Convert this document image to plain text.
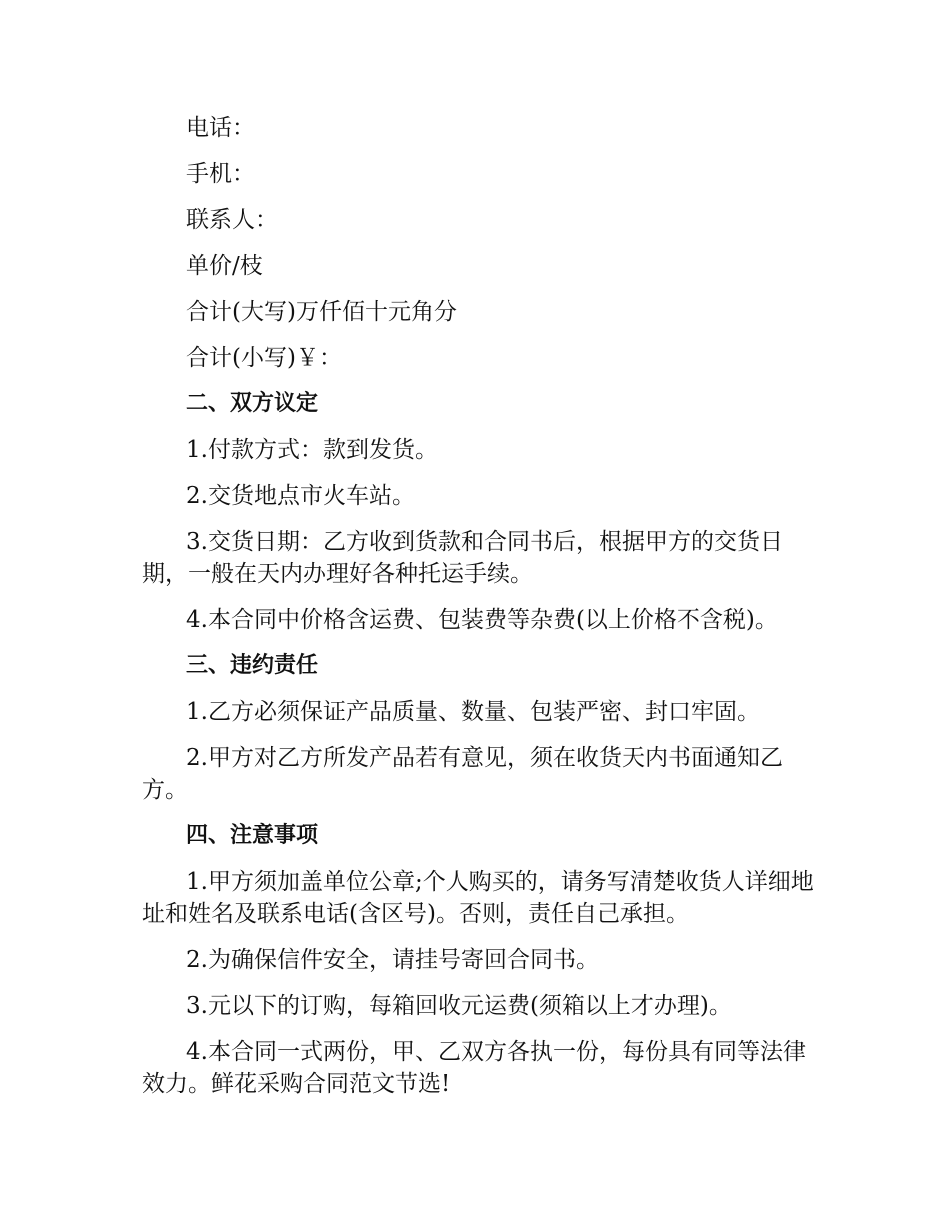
电话：

手机：

联系人：

单价/枝

合计(大写)万仟佰十元角分

合计(小写)￥：

二、双方议定

1.付款方式：款到发货。

2.交货地点市火车站。

3.交货日期：乙方收到货款和合同书后，根据甲方的交货日期，一般在天内办理好各种托运手续。

4.本合同中价格含运费、包装费等杂费(以上价格不含税)。

三、违约责任

1.乙方必须保证产品质量、数量、包装严密、封口牢固。

2.甲方对乙方所发产品若有意见，须在收货天内书面通知乙方。

四、注意事项

1.甲方须加盖单位公章;个人购买的，请务写清楚收货人详细地址和姓名及联系电话(含区号)。否则，责任自己承担。

2.为确保信件安全，请挂号寄回合同书。

3.元以下的订购，每箱回收元运费(须箱以上才办理)。

4.本合同一式两份，甲、乙双方各执一份，每份具有同等法律效力。鲜花采购合同范文节选!
